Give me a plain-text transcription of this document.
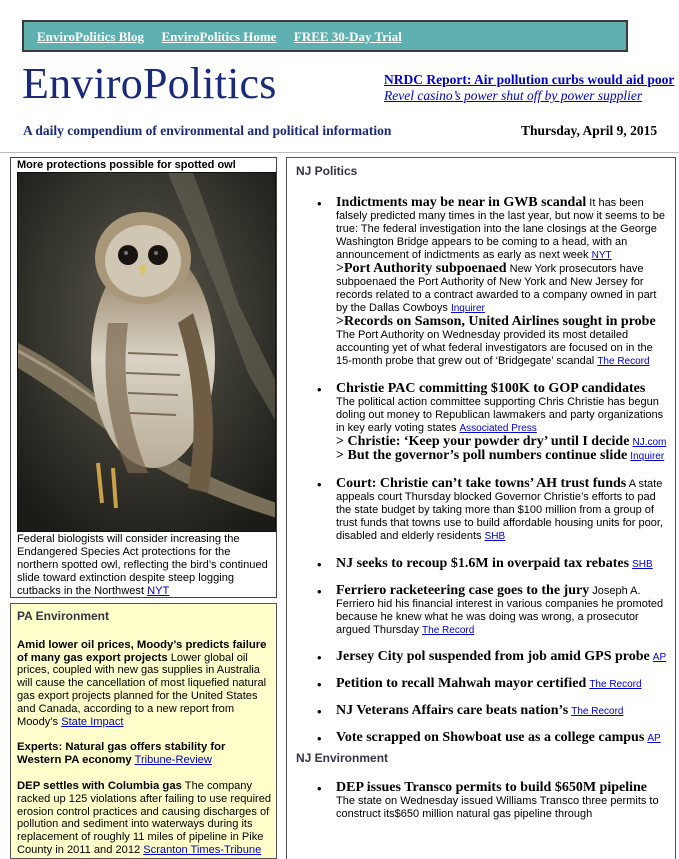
EnviroPolitics Blog EnviroPolitics Home FREE 30-Day Trial
EnviroPolitics	NRDC Report: Air pollution curbs would aid poor
Revel casino’s power shut off by power supplier
A daily compendium of environmental and political information	Thursday, April 9, 2015
More protections possible for spotted owl
Federal biologists will consider increasing the Endangered Species Act protections for the northern spotted owl, reflecting the bird’s continued slide toward extinction despite steep logging cutbacks in the Northwest NYT
PA Environment

Amid lower oil prices, Moody’s predicts failure of many gas export projects Lower global oil prices, coupled with new gas supplies in Australia will cause the cancellation of most liquefied natural gas export projects planned for the United States and Canada, according to a new report from Moody’s State Impact

Experts: Natural gas offers stability for Western PA economy Tribune-Review

DEP settles with Columbia gas The company racked up 125 violations after failing to use required erosion control practices and causing discharges of pollution and sediment into waterways during its replacement of roughly 11 miles of pipeline in Pike County in 2011 and 2012 Scranton Times-Tribune

NJ Politics
• Indictments may be near in GWB scandal It has been falsely predicted many times in the last year, but now it seems to be true: The federal investigation into the lane closings at the George Washington Bridge appears to be coming to a head, with an announcement of indictments as early as next week NYT
>Port Authority subpoenaed New York prosecutors have subpoenaed the Port Authority of New York and New Jersey for records related to a contract awarded to a company owned in part by the Dallas Cowboys Inquirer
>Records on Samson, United Airlines sought in probe The Port Authority on Wednesday provided its most detailed accounting yet of what federal investigators are focused on in the 15-month probe that grew out of ‘Bridgegate’ scandal The Record
• Christie PAC committing $100K to GOP candidates The political action committee supporting Chris Christie has begun doling out money to Republican lawmakers and party organizations in key early voting states Associated Press
> Christie: ‘Keep your powder dry’ until I decide NJ.com
> But the governor’s poll numbers continue slide Inquirer
• Court: Christie can’t take towns’ AH trust funds A state appeals court Thursday blocked Governor Christie’s efforts to pad the state budget by taking more than $100 million from a group of trust funds that towns use to build affordable housing units for poor, disabled and elderly residents SHB
• NJ seeks to recoup $1.6M in overpaid tax rebates SHB
• Ferriero racketeering case goes to the jury Joseph A. Ferriero hid his financial interest in various companies he promoted because he knew what he was doing was wrong, a prosecutor argued Thursday The Record
• Jersey City pol suspended from job amid GPS probe AP
• Petition to recall Mahwah mayor certified The Record
• NJ Veterans Affairs care beats nation’s The Record
• Vote scrapped on Showboat use as a college campus AP
NJ Environment
• DEP issues Transco permits to build $650M pipeline The state on Wednesday issued Williams Transco three permits to construct its$650 million natural gas pipeline through
